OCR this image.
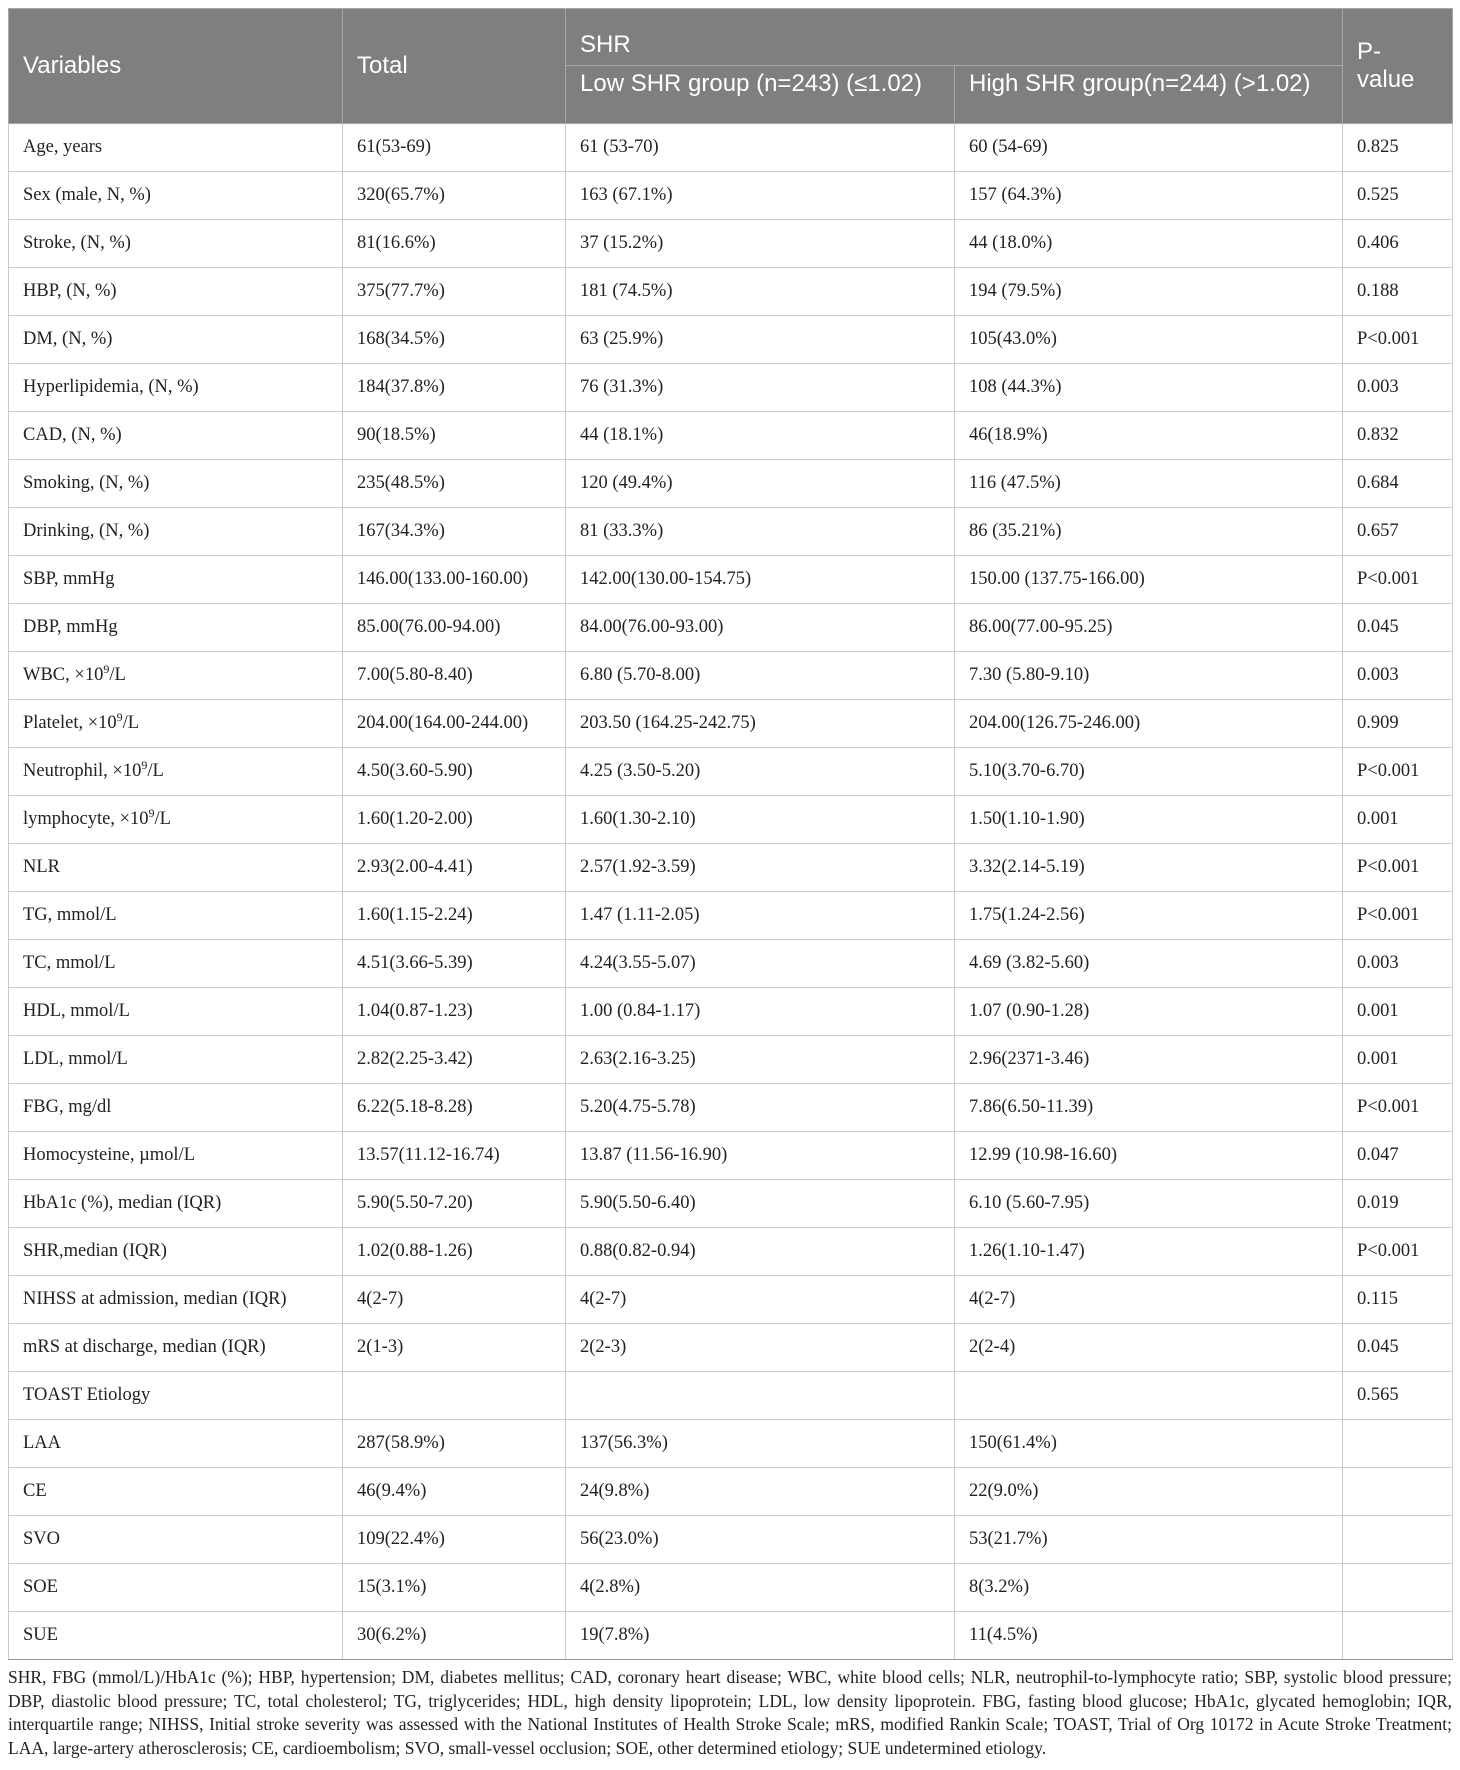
Variables	Total	SHR		P-value
		Low SHR group (n=243) (≤1.02)	High SHR group(n=244) (>1.02)	
Age, years	61(53-69)	61 (53-70)	60 (54-69)	0.825
Sex (male, N, %)	320(65.7%)	163 (67.1%)	157 (64.3%)	0.525
Stroke, (N, %)	81(16.6%)	37 (15.2%)	44 (18.0%)	0.406
HBP, (N, %)	375(77.7%)	181 (74.5%)	194 (79.5%)	0.188
DM, (N, %)	168(34.5%)	63 (25.9%)	105(43.0%)	P<0.001
Hyperlipidemia, (N, %)	184(37.8%)	76 (31.3%)	108 (44.3%)	0.003
CAD, (N, %)	90(18.5%)	44 (18.1%)	46(18.9%)	0.832
Smoking, (N, %)	235(48.5%)	120 (49.4%)	116 (47.5%)	0.684
Drinking, (N, %)	167(34.3%)	81 (33.3%)	86 (35.21%)	0.657
SBP, mmHg	146.00(133.00-160.00)	142.00(130.00-154.75)	150.00 (137.75-166.00)	P<0.001
DBP, mmHg	85.00(76.00-94.00)	84.00(76.00-93.00)	86.00(77.00-95.25)	0.045
WBC, $\times 10^9/L$	7.00(5.80-8.40)	6.80 (5.70-8.00)	7.30 (5.80-9.10)	0.003
Platelet, $\times 10^9/L$	204.00(164.00-244.00)	203.50 (164.25-242.75)	204.00(126.75-246.00)	0.909
Neutrophil, $\times 10^9/L$	4.50(3.60-5.90)	4.25 (3.50-5.20)	5.10(3.70-6.70)	P<0.001
lymphocyte, $\times 10^9/L$	1.60(1.20-2.00)	1.60(1.30-2.10)	1.50(1.10-1.90)	0.001
NLR	2.93(2.00-4.41)	2.57(1.92-3.59)	3.32(2.14-5.19)	P<0.001
TG, mmol/L	1.60(1.15-2.24)	1.47 (1.11-2.05)	1.75(1.24-2.56)	P<0.001
TC, mmol/L	4.51(3.66-5.39)	4.24(3.55-5.07)	4.69 (3.82-5.60)	0.003
HDL, mmol/L	1.04(0.87-1.23)	1.00 (0.84-1.17)	1.07 (0.90-1.28)	0.001
LDL, mmol/L	2.82(2.25-3.42)	2.63(2.16-3.25)	2.96(2371-3.46)	0.001
FBG, mg/dl	6.22(5.18-8.28)	5.20(4.75-5.78)	7.86(6.50-11.39)	P<0.001
Homocysteine, µmol/L	13.57(11.12-16.74)	13.87 (11.56-16.90)	12.99 (10.98-16.60)	0.047
HbA1c (%), median (IQR)	5.90(5.50-7.20)	5.90(5.50-6.40)	6.10 (5.60-7.95)	0.019
SHR,median (IQR)	1.02(0.88-1.26)	0.88(0.82-0.94)	1.26(1.10-1.47)	P<0.001
NIHSS at admission, median (IQR)	4(2-7)	4(2-7)	4(2-7)	0.115
mRS at discharge, median (IQR)	2(1-3)	2(2-3)	2(2-4)	0.045
TOAST Etiology				0.565
LAA	287(58.9%)	137(56.3%)	150(61.4%)	
CE	46(9.4%)	24(9.8%)	22(9.0%)	
SVO	109(22.4%)	56(23.0%)	53(21.7%)	
SOE	15(3.1%)	4(2.8%)	8(3.2%)	
SUE	30(6.2%)	19(7.8%)	11(4.5%)	
SHR, FBG (mmol/L)/HbA1c (%); HBP, hypertension; DM, diabetes mellitus; CAD, coronary heart disease; WBC, white blood cells; NLR, neutrophil-to-lymphocyte ratio; SBP, systolic blood pressure; DBP, diastolic blood pressure; TC, total cholesterol; TG, triglycerides; HDL, high density lipoprotein; LDL, low density lipoprotein. FBG, fasting blood glucose; HbA1c, glycated hemoglobin; IQR, interquartile range; NIHSS, Initial stroke severity was assessed with the National Institutes of Health Stroke Scale; mRS, modified Rankin Scale; TOAST, Trial of Org 10172 in Acute Stroke Treatment; LAA, large-artery atherosclerosis; CE, cardioembolism; SVO, small-vessel occlusion; SOE, other determined etiology; SUE undetermined etiology.
